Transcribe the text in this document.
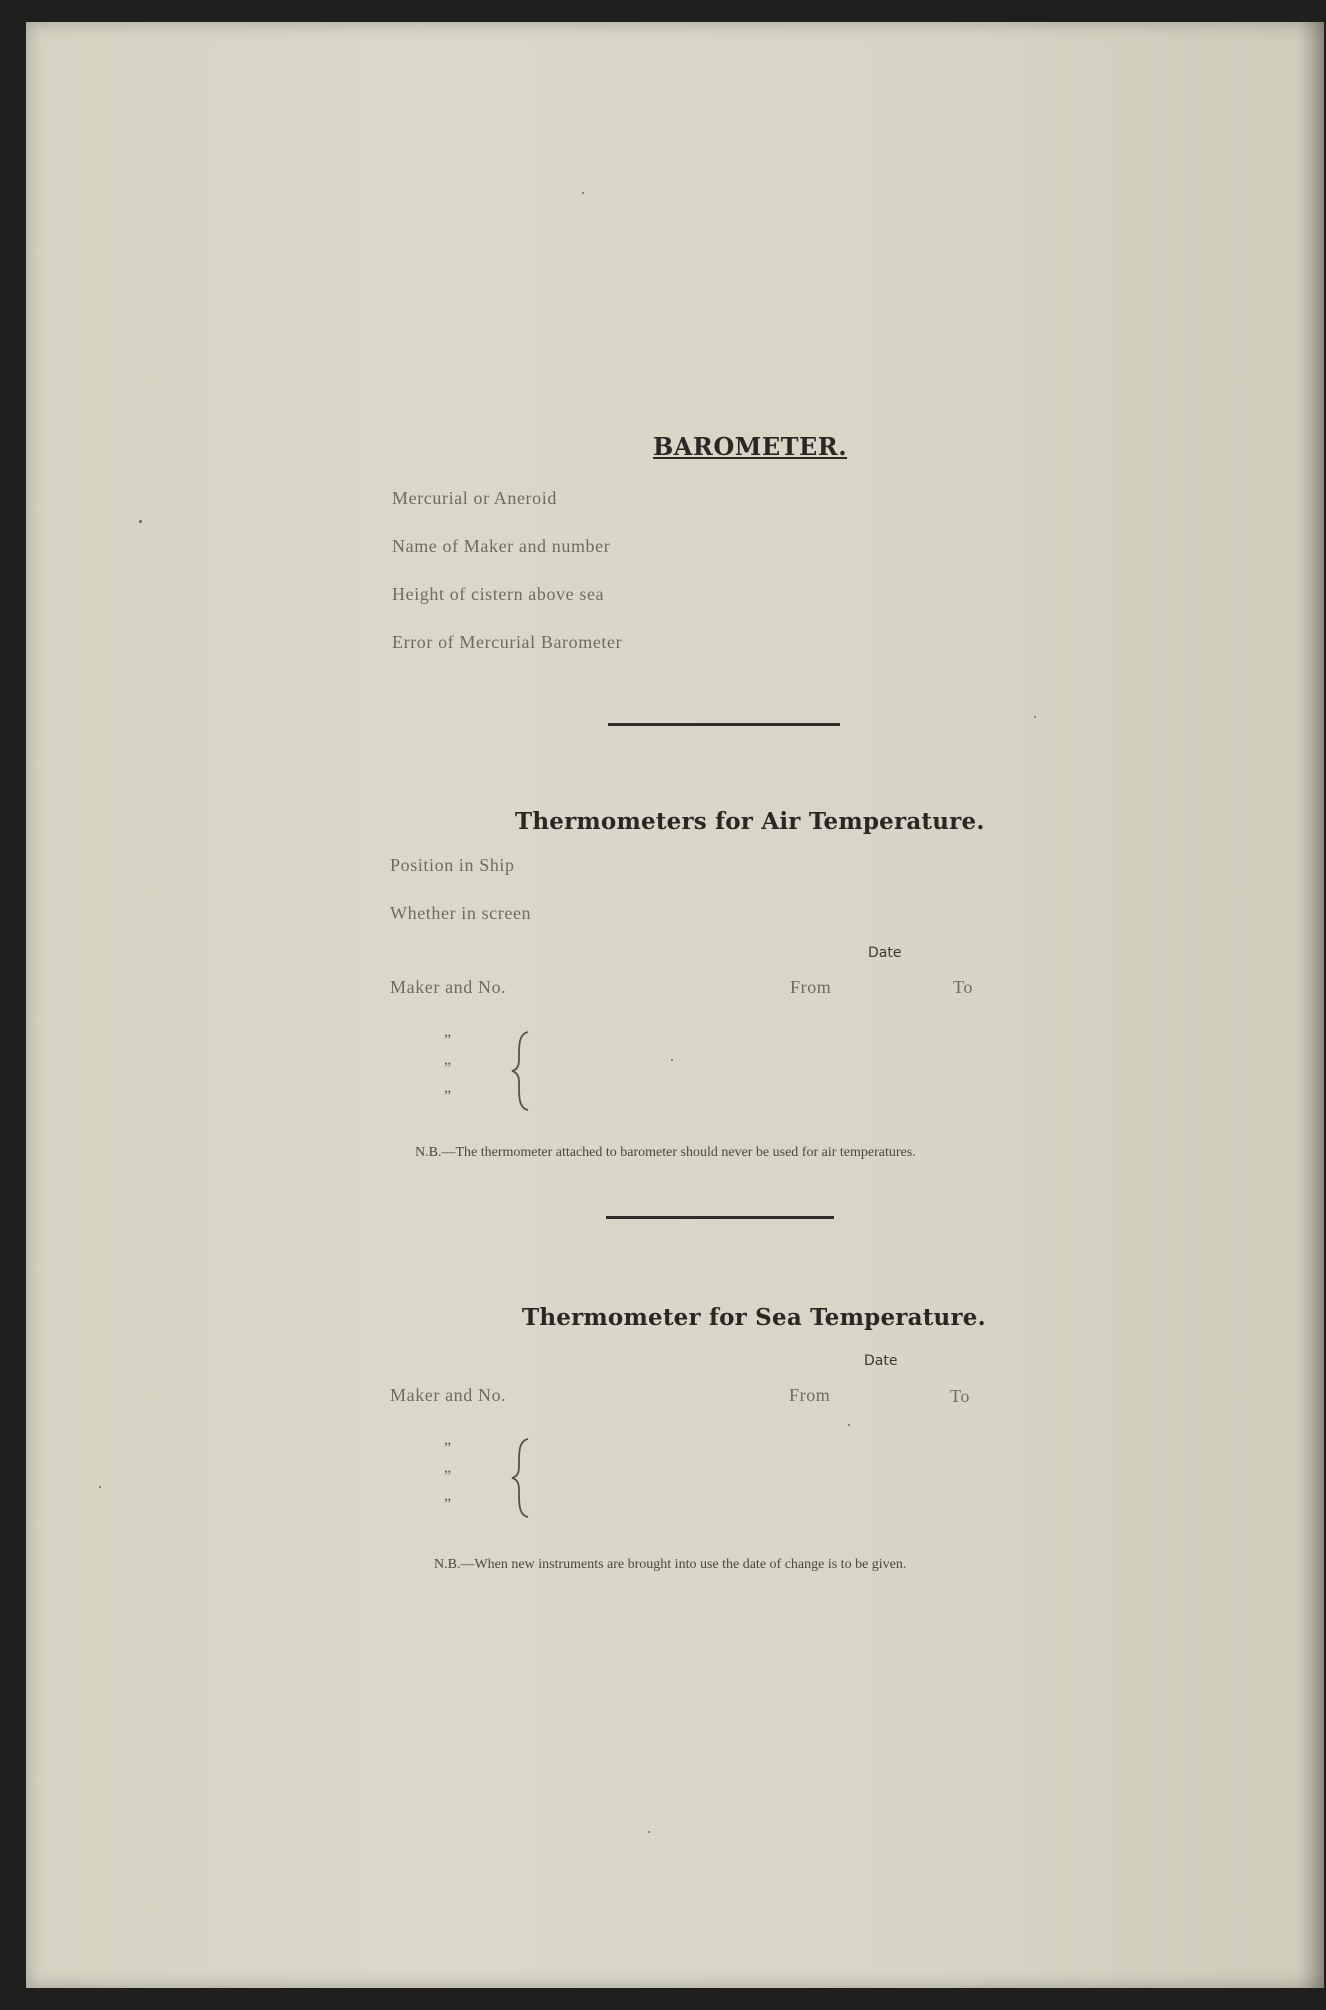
BAROMETER.
Mercurial or Aneroid
Name of Maker and number
Height of cistern above sea
Error of Mercurial Barometer
Thermometers for Air Temperature.
Position in Ship
Whether in screen
Date
Maker and No.	From	To
”
”
”
N.B.—The thermometer attached to barometer should never be used for air temperatures.
Thermometer for Sea Temperature.
Date
Maker and No.	From	To
”
”
”
N.B.—When new instruments are brought into use the date of change is to be given.
